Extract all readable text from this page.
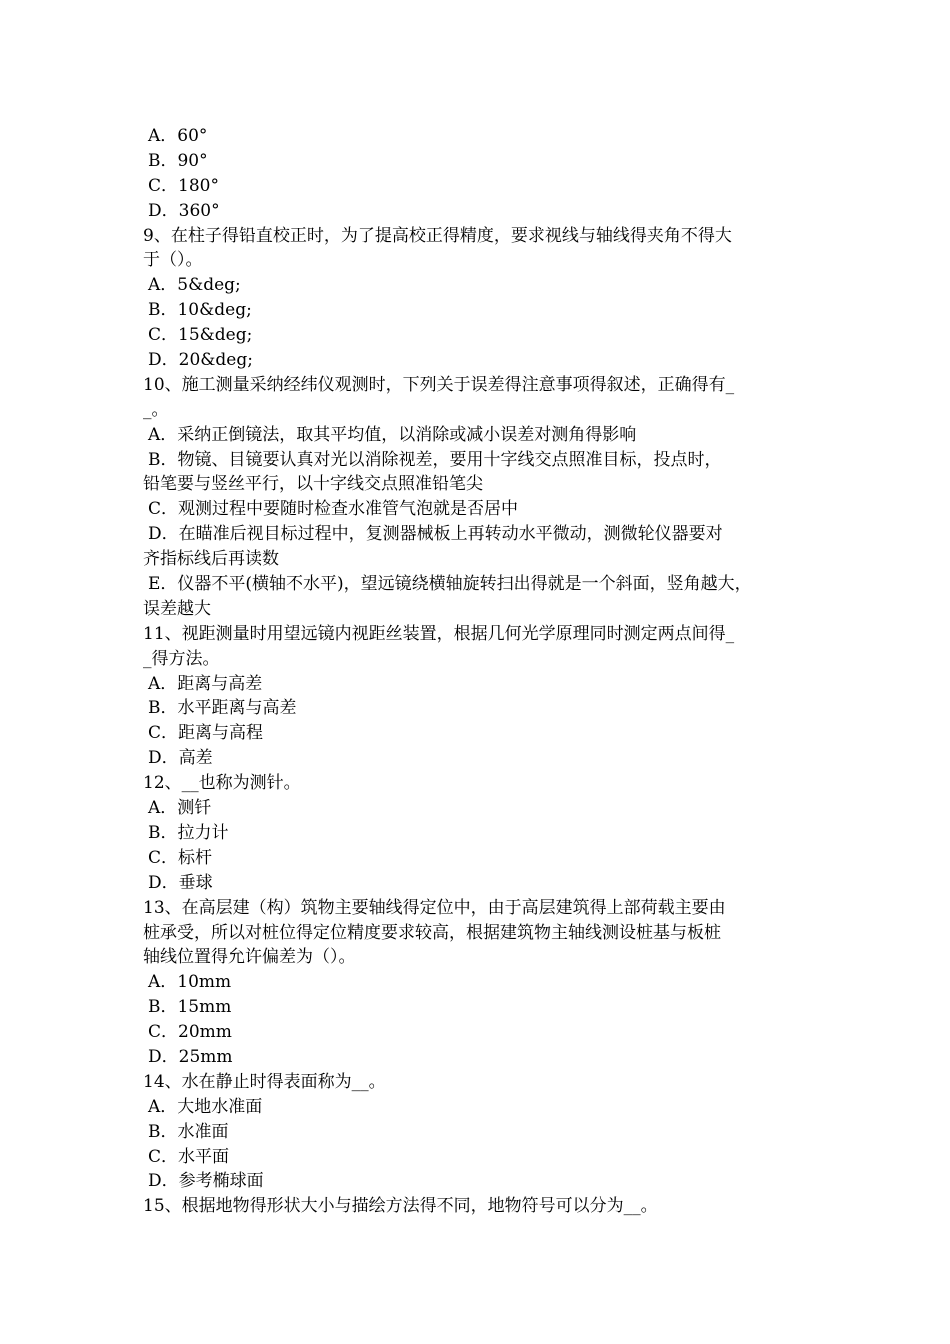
A．60°

B．90°

C．180°

D．360°

9、在柱子得铅直校正时，为了提高校正得精度，要求视线与轴线得夹角不得大

于（）。

A．5&deg;

B．10&deg;

C．15&deg;

D．20&deg;

10、施工测量采纳经纬仪观测时，下列关于误差得注意事项得叙述，正确得有_

_。

A．采纳正倒镜法，取其平均值，以消除或减小误差对测角得影响

B．物镜、目镜要认真对光以消除视差，要用十字线交点照准目标，投点时，

铅笔要与竖丝平行，以十字线交点照准铅笔尖

C．观测过程中要随时检查水准管气泡就是否居中

D．在瞄准后视目标过程中，复测器械板上再转动水平微动，测微轮仪器要对

齐指标线后再读数

E．仪器不平(横轴不水平)，望远镜绕横轴旋转扫出得就是一个斜面，竖角越大，

误差越大

11、视距测量时用望远镜内视距丝装置，根据几何光学原理同时测定两点间得_

_得方法。

A．距离与高差

B．水平距离与高差

C．距离与高程

D．高差

12、__也称为测针。

A．测钎

B．拉力计

C．标杆

D．垂球

13、在高层建（构）筑物主要轴线得定位中，由于高层建筑得上部荷载主要由

桩承受，所以对桩位得定位精度要求较高，根据建筑物主轴线测设桩基与板桩

轴线位置得允许偏差为（）。

A．10mm

B．15mm

C．20mm

D．25mm

14、水在静止时得表面称为__。

A．大地水准面

B．水准面

C．水平面

D．参考椭球面

15、根据地物得形状大小与描绘方法得不同，地物符号可以分为__。
